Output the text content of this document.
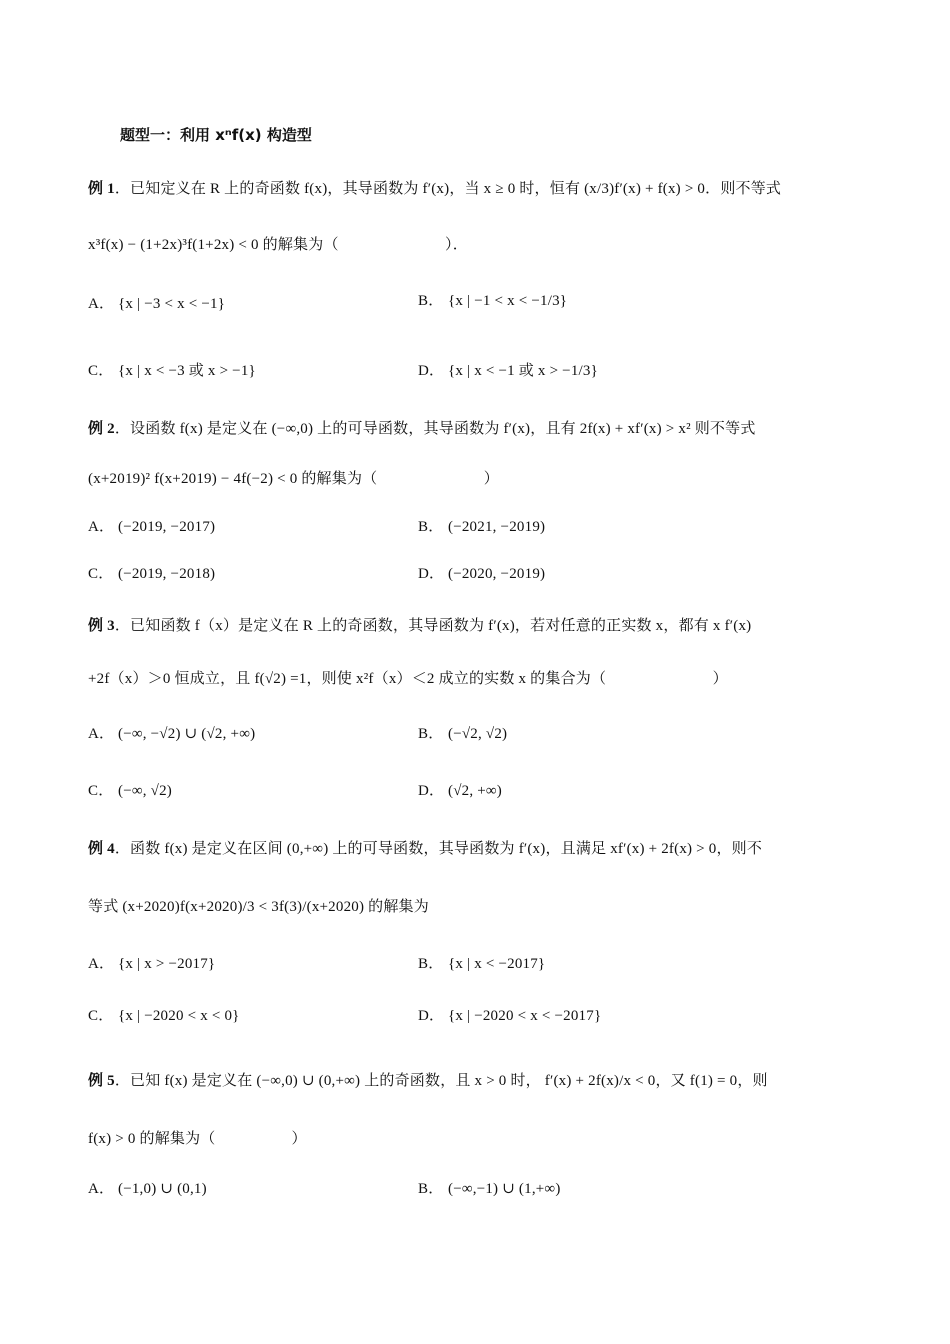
题型一：利用 xⁿf(x) 构造型
例 1．已知定义在 R 上的奇函数 f(x)，其导函数为 f′(x)，当 x ≥ 0 时，恒有 (x/3)f′(x) + f(x) > 0．则不等式
x³f(x) − (1+2x)³f(1+2x) < 0 的解集为（　　　　　　　）．
A． {x | −3 < x < −1}	B． {x | −1 < x < −1/3}
C． {x | x < −3 或 x > −1}	D． {x | x < −1 或 x > −1/3}
例 2．设函数 f(x) 是定义在 (−∞,0) 上的可导函数，其导函数为 f′(x)，且有 2f(x) + xf′(x) > x² 则不等式
(x+2019)² f(x+2019) − 4f(−2) < 0 的解集为（　　　　　　　）
A． (−2019, −2017)	B． (−2021, −2019)
C． (−2019, −2018)	D． (−2020, −2019)
例 3．已知函数 f（x）是定义在 R 上的奇函数，其导函数为 f′(x)，若对任意的正实数 x，都有 x f′(x)
+2f（x）＞0 恒成立，且 f(√2) =1，则使 x²f（x）＜2 成立的实数 x 的集合为（　　　　　　　）
A． (−∞, −√2) ∪ (√2, +∞)	B． (−√2, √2)
C． (−∞, √2)	D． (√2, +∞)
例 4．函数 f(x) 是定义在区间 (0,+∞) 上的可导函数，其导函数为 f′(x)，且满足 xf′(x) + 2f(x) > 0，则不
等式 (x+2020)f(x+2020)/3 < 3f(3)/(x+2020) 的解集为
A． {x | x > −2017}	B． {x | x < −2017}
C． {x | −2020 < x < 0}	D． {x | −2020 < x < −2017}
例 5．已知 f(x) 是定义在 (−∞,0) ∪ (0,+∞) 上的奇函数，且 x > 0 时， f′(x) + 2f(x)/x < 0，又 f(1) = 0，则
f(x) > 0 的解集为（　　　　　）
A． (−1,0) ∪ (0,1)	B． (−∞,−1) ∪ (1,+∞)
